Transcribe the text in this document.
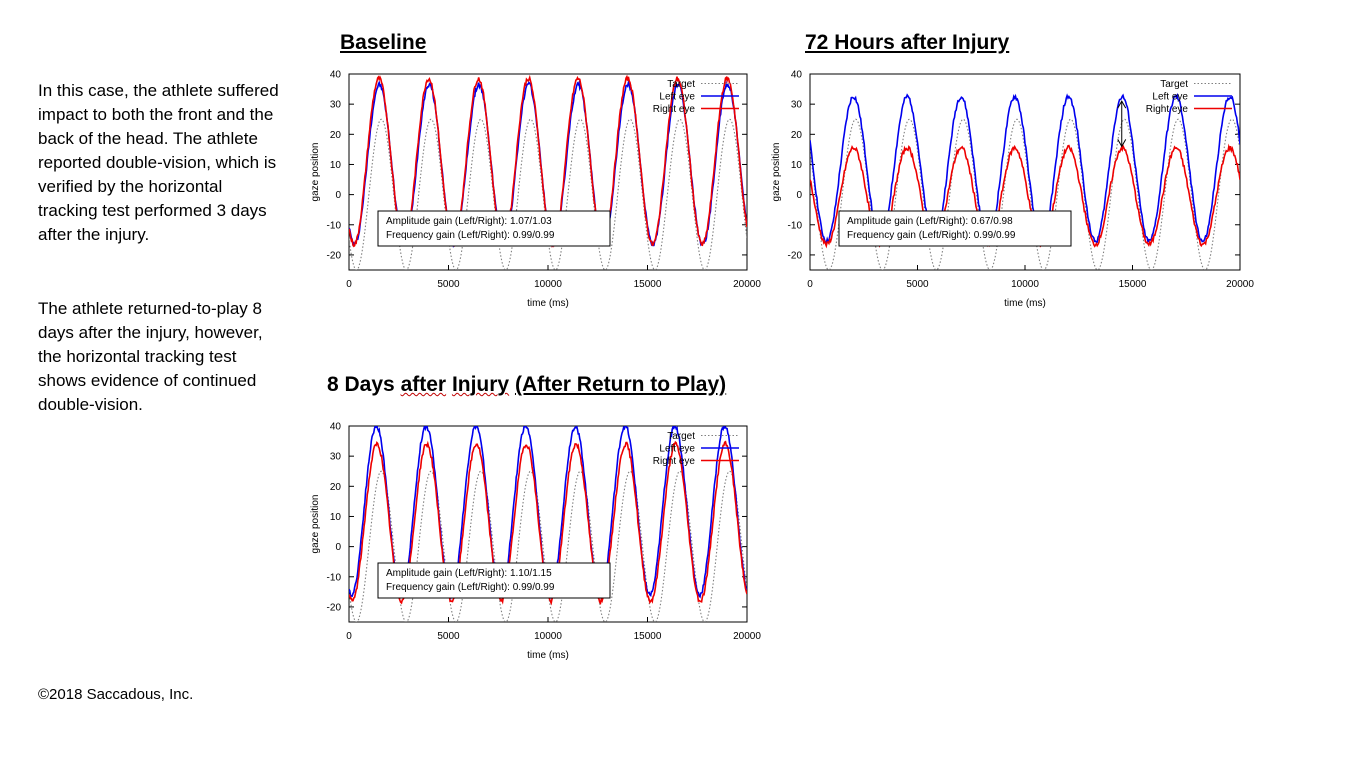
In this case, the athlete suffered impact to both the front and the back of the head. The athlete reported double-vision, which is verified by the horizontal tracking test performed 3 days after the injury.

The athlete returned-to-play 8 days after the injury, however, the horizontal tracking test shows evidence of continued double-vision.

©2018 Saccadous, Inc.
Baseline	72 Hours after Injury
8 Days after Injury (After Return to Play)
40
30
20
10
0
-10
-20
0	5000	10000	15000	20000
time (ms)
gaze position
Target
Left eye
Right eye
Amplitude gain (Left/Right): 1.07/1.03
Frequency gain (Left/Right): 0.99/0.99
40
30
20
10
0
-10
-20
0	5000	10000	15000	20000
time (ms)
gaze position
Target
Left eye
Right eye
Amplitude gain (Left/Right): 0.67/0.98
Frequency gain (Left/Right): 0.99/0.99
40
30
20
10
0
-10
-20
0	5000	10000	15000	20000
time (ms)
gaze position
Target
Left eye
Right eye
Amplitude gain (Left/Right): 1.10/1.15
Frequency gain (Left/Right): 0.99/0.99
